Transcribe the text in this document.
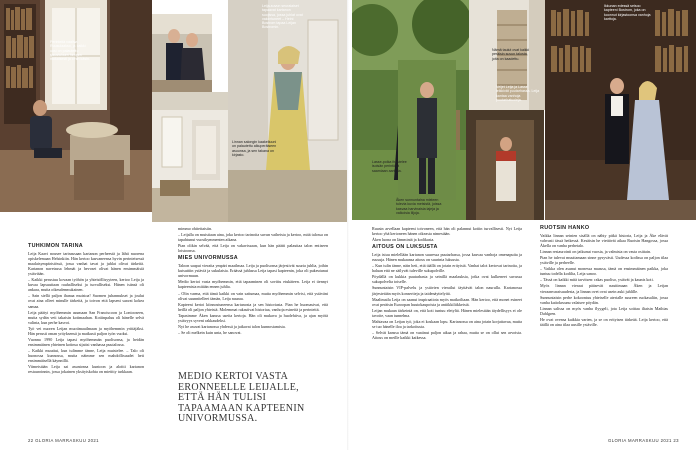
Perinteitä vaaliva Ruusulaakso, ja kaikki uusi on palautettu sisustuksen hengen mukaisesti ja omin käsin.
Leija-suvun seuralaiset tapaavat kartanon suojissa, jossa juhlat ovat vakiintuneet – Heini Bostrom tapaa Leijan Bostromin.
Linnan salongin kaakeliuuni on palautettu alkuperäiseen asuunsa, ja sen takana on kirjasto.
TUHKIMON TARINA

Leija Kaavi nousee tarinassaan kartanon perheestä ja lähti nuorena opiskelemaan Helsinkiin. Hän kertoo kasvaneensa hyvin perinteisessä maalaisympäristössä, jossa vanhat tavat ja juhlat olivat tärkeitä. Kartanon navetassa lehmät ja hevoset olivat hänen ensimmäisiä ystäviään.

– Kaikki perustuu kovaan työhön ja yhteisöllisyyteen, kertoo Leija ja kuvaa lapsuuttaan rauhalliseksi ja turvalliseksi. Hänen isänsä oli ankara, mutta oikeudenmukainen.

– Sain siellä paljon ihanaa muistoa! Suomen juhannukset ja joulut ovat aina olleet minulle tärkeitä, ja toivon että lapseni saavat kokea samaa.

Leija päätyi myöhemmin asumaan San Franciscoon ja Lontooseen, mutta sydän veti takaisin kotimaahan. Kotiinpaluu oli hänelle selvä valinta, kun perhe kasvoi.

Työ vei nuoren Leijan muotimaailmaan ja myöhemmin yrittäjäksi. Hän perusti oman yrityksensä ja matkusti paljon työn vuoksi.

Vuonna 1990 Leija tapasi myöhemmän puolisonsa, ja heidän ensimmäinen yhteinen kotinsa sijaitsi vanhassa puutalossa.

– Kaikki muuttui, kun tulimme tänne, Leija muistelee. – Talo oli huonossa kunnossa, mutta näimme sen mahdollisuudet heti ensimmäisellä käynnillä.

Viimeistään Leija sai asuntonsa kuntoon ja aloitti kartanon restauroinnin, jossa jokainen yksityiskohta on mietitty tarkkaan.

mimmo ohitettaisiin.

– Leijalla on muistiaan aina, joka kertoo tarinoita suvun vaiheista ja kertoo, mitä talossa on tapahtunut vuosikymmenten aikana.

Pian olikin selvää, että Leija on vakavissaan, kun hän päätti palauttaa talon entiseen loistoonsa.

MIES UNIVORMUSSA

Taloon saapui vieraita ympäri maailmaa. Leija ja puolisonsa järjestivät suuria juhlia, joihin kutsuttiin ystäviä ja sukulaisia. Eräässä juhlassa Leija tapasi kapteenin, joka oli pukeutunut univormuun.

Medio kertoi vasta myöhemmin, että tapaaminen oli sovittu etukäteen. Leija ei tiennyt kapteenista mitään ennen juhlia.

– Olin varma, että tämä kaikki on vain sattumaa, mutta myöhemmin selvisi, että ystäväni olivat suunnitelleet tämän, Leija nauraa.

Kapteeni kertoi kiinnostuneensa kartanosta ja sen historiasta. Pian he huomasivat, että heillä oli paljon yhteistä. Molemmat rakastivat historiaa, vanhoja esineitä ja perinteitä.

Tapasimme Åken kanssa useita kertoja. Hän oli mukava ja huolehtiva, ja ajan myötä ystävyys syveni rakkaudeksi.

Nyt he asuvat kartanossa yhdessä ja jatkavat talon kunnostamista.

– Se oli melkein kuin unta, he sanovat.

MEDIO KERTOI VASTA ERONNEELLE LEIJALLE, ETTÄ HÄN TULISI TAPAAMAAN KAPTEENIN UNIVORMUSSA.
22 GLORIA MARRASKUU 2021
Lasse-poika ihastelee isoisän perintönä saamiaan aarteita.
Åken sunnuntaina mieleen tulevia kuvia metsistä, joissa kasvaa harvinaisia lajeja ja valkoisia liljoja.
Veljet Leija ja Lasse leikkivät puutarhassa. Leija kantaa vanhoja puutarhatuoleja.
Nämä taulut ovat kaikki peräisin suvun talosta, joita on kaadettu.
Ikkunan edessä seisoo kapteeni Bostrom, joka on koonnut kirjastoonsa vanhoja karttoja.

Ruusin arvellaan kapteeni toivoneen, että hän oli palannut kotiin turvallisesti. Nyt Leija kertoo yhä kertoneen hänen oikeasta nimestään.

Åken luona on lämmintä ja kodikasta.

AITOUS ON LUKSUSTA

Leija istuu mielellään kartanon suuressa puutarhassa, jossa kasvaa vanhoja omenapuita ja ruusuja. Hänen mukaansa aitous on suurinta luksusta.

– Kun tulin tänne, näin heti, että täällä on jotain erityistä. Vanhat talot kertovat tarinoita, ja haluan että ne säilyvät tuleville sukupolville.

Pöydällä on kukkia puutarhasta ja seinillä maalauksia, jotka ovat kulkeneet suvussa sukupolvelta toiselle.

Sunnuntaisin VIP-palvelu ja ystävien vierailut täyttävät talon naurulla. Kartanossa järjestetään myös konsertteja ja taidenäyttelyitä.

Maalimaila Leija on saanut inspiraatiota myös matkoiltaan. Hän kertoo, että monet esineet ovat peräisin Euroopan huutokaupoista ja antiikkiliikkeistä.

Leijan mukaan tärkeintä on, että koti tuntuu eletyltä. Hänen mielestään täydellisyys ei ole tavoite, vaan tunnelma.

Mahtavaa on Leijan työ, joka ei koskaan lopu. Kartanossa on aina jotain korjattavaa, mutta se tuo hänelle iloa ja tarkoitusta.

– Selvät kanssa tämä on vaatinut paljon aikaa ja rahaa, mutta se on ollut sen arvoista. Aitous on meille kaikki kaikessa.

RUOTSIN HANKO

Vaikka linnan seinien sisällä on nähty pitkä historia, Leija ja Åke elävät vahvasti tässä hetkessä. Kesäisin he viettävät aikaa Ruotsin Hangossa, jossa Åkella on vanha perhetalo.

Linnan restaurointi on jatkunut vuosia, ja valmista on vasta osittain.

Pian he tulevat muuttamaan sinne pysyvästi. Uudessa kodissa on paljon tilaa ystäville ja perheelle.

– Vaikka olen asunut monessa maassa, tämä on ensimmäinen paikka, joka tuntuu todella kodilta, Leija sanoo.

– Tässä on kaikki mitä tarvitsen: rakas puoliso, ystävät ja kaunis koti.

Myös linnan vieraat pääsevät nauttimaan Åken ja Leijan vieraanvaraisuudesta, ja linnan ovet ovat usein auki juhlille.

Sunnuntaisin perhe kokoontuu yhteiselle aterialle suureen ruokasaliin, jossa vanha kattokruunu valaisee pöydän.

Linnan salissa on myös vanha flyygeli, jota Leija soittaa iltaisin Mathias Dahlgren.

He ovat ovensa kaikkia varten, ja se on erityisen tärkeää. Leija kertoo, että täällä on aina tilaa uusille ystäville.

GLORIA MARRASKUU 2021 23
